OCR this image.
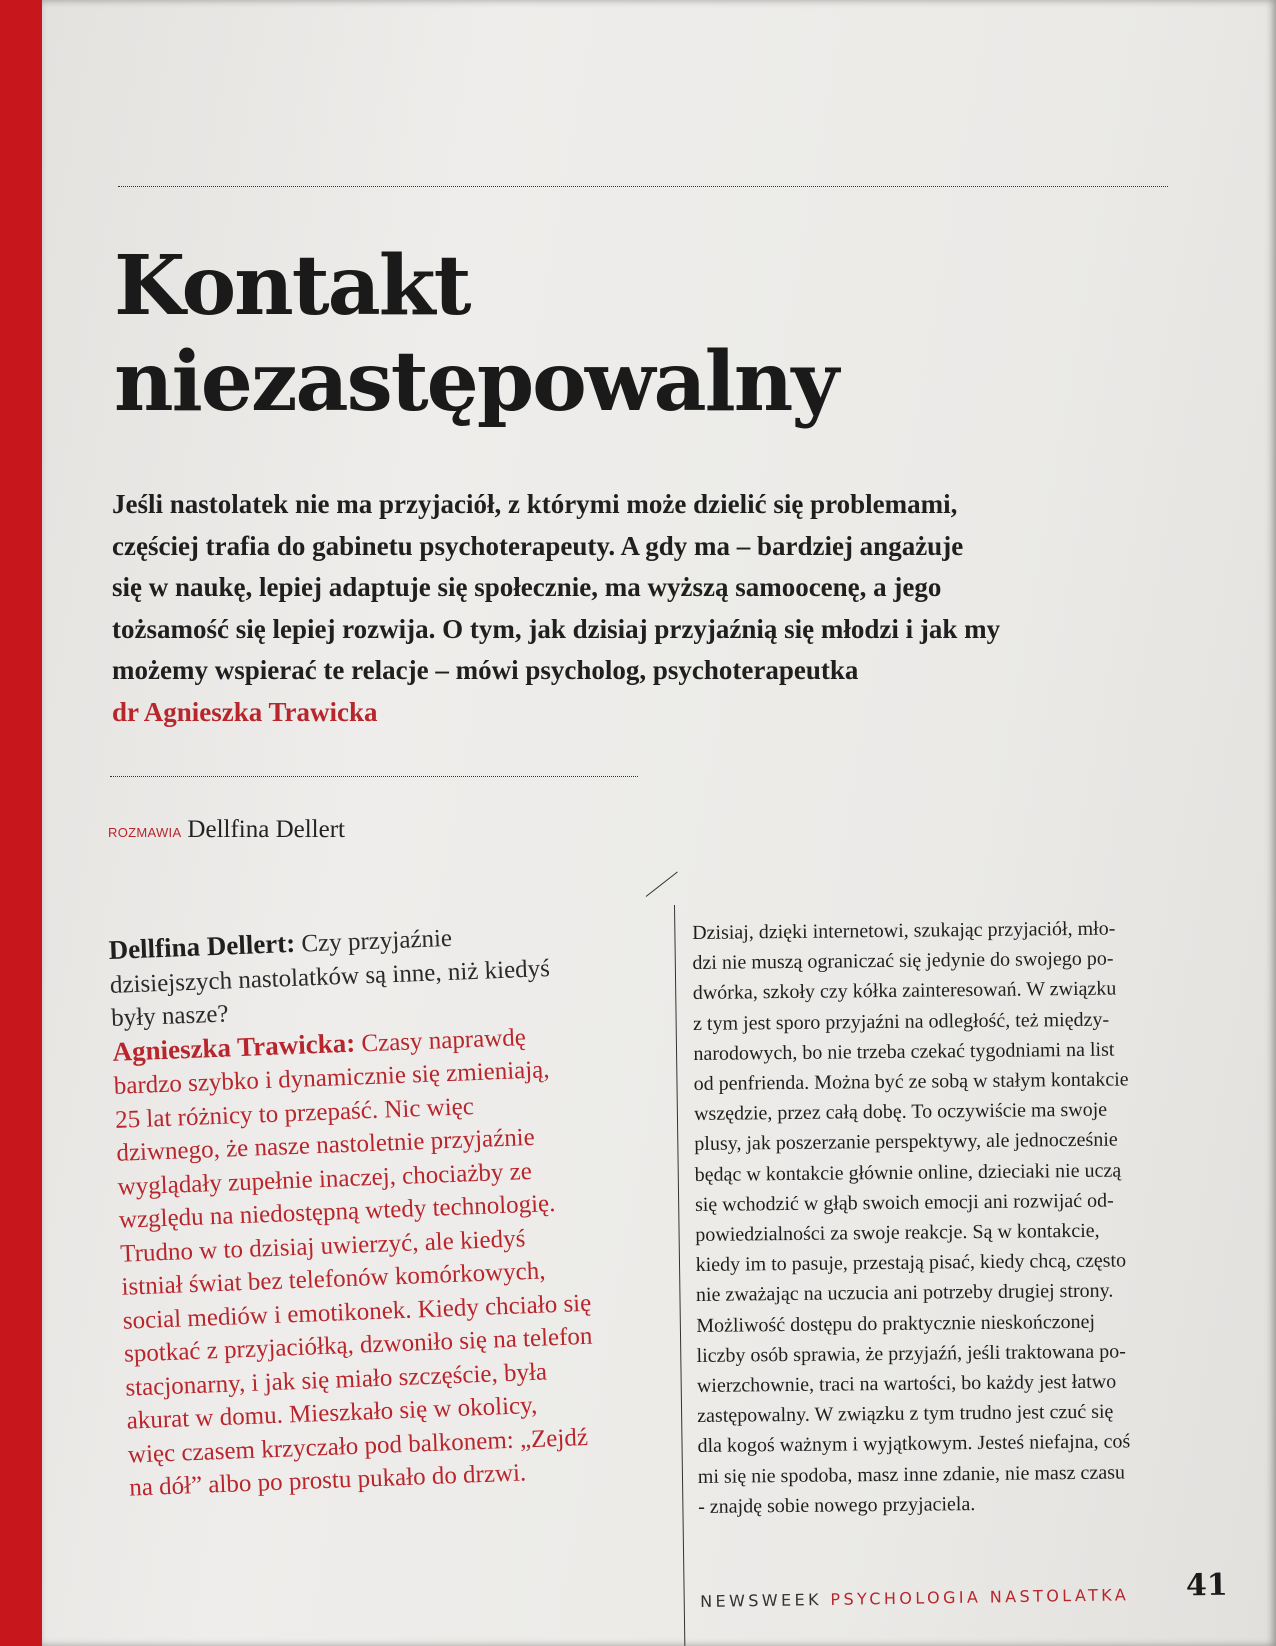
Kontakt
niezastępowalny

Jeśli nastolatek nie ma przyjaciół, z którymi może dzielić się problemami,
częściej trafia do gabinetu psychoterapeuty. A gdy ma – bardziej angażuje
się w naukę, lepiej adaptuje się społecznie, ma wyższą samoocenę, a jego
tożsamość się lepiej rozwija. O tym, jak dzisiaj przyjaźnią się młodzi i jak my
możemy wspierać te relacje – mówi psycholog, psychoterapeutka
dr Agnieszka Trawicka

ROZMAWIA Dellfina Dellert
Dellfina Dellert: Czy przyjaźnie
dzisiejszych nastolatków są inne, niż kiedyś
były nasze?
Agnieszka Trawicka: Czasy naprawdę
bardzo szybko i dynamicznie się zmieniają,
25 lat różnicy to przepaść. Nic więc
dziwnego, że nasze nastoletnie przyjaźnie
wyglądały zupełnie inaczej, chociażby ze
względu na niedostępną wtedy technologię.
Trudno w to dzisiaj uwierzyć, ale kiedyś
istniał świat bez telefonów komórkowych,
social mediów i emotikonek. Kiedy chciało się
spotkać z przyjaciółką, dzwoniło się na telefon
stacjonarny, i jak się miało szczęście, była
akurat w domu. Mieszkało się w okolicy,
więc czasem krzyczało pod balkonem: „Zejdź
na dół” albo po prostu pukało do drzwi.
Dzisiaj, dzięki internetowi, szukając przyjaciół, mło-
dzi nie muszą ograniczać się jedynie do swojego po-
dwórka, szkoły czy kółka zainteresowań. W związku
z tym jest sporo przyjaźni na odległość, też między-
narodowych, bo nie trzeba czekać tygodniami na list
od penfrienda. Można być ze sobą w stałym kontakcie
wszędzie, przez całą dobę. To oczywiście ma swoje
plusy, jak poszerzanie perspektywy, ale jednocześnie
będąc w kontakcie głównie online, dzieciaki nie uczą
się wchodzić w głąb swoich emocji ani rozwijać od-
powiedzialności za swoje reakcje. Są w kontakcie,
kiedy im to pasuje, przestają pisać, kiedy chcą, często
nie zważając na uczucia ani potrzeby drugiej strony.
Możliwość dostępu do praktycznie nieskończonej
liczby osób sprawia, że przyjaźń, jeśli traktowana po-
wierzchownie, traci na wartości, bo każdy jest łatwo
zastępowalny. W związku z tym trudno jest czuć się
dla kogoś ważnym i wyjątkowym. Jesteś niefajna, coś
mi się nie spodoba, masz inne zdanie, nie masz czasu
- znajdę sobie nowego przyjaciela.
NEWSWEEK PSYCHOLOGIA NASTOLATKA 41
